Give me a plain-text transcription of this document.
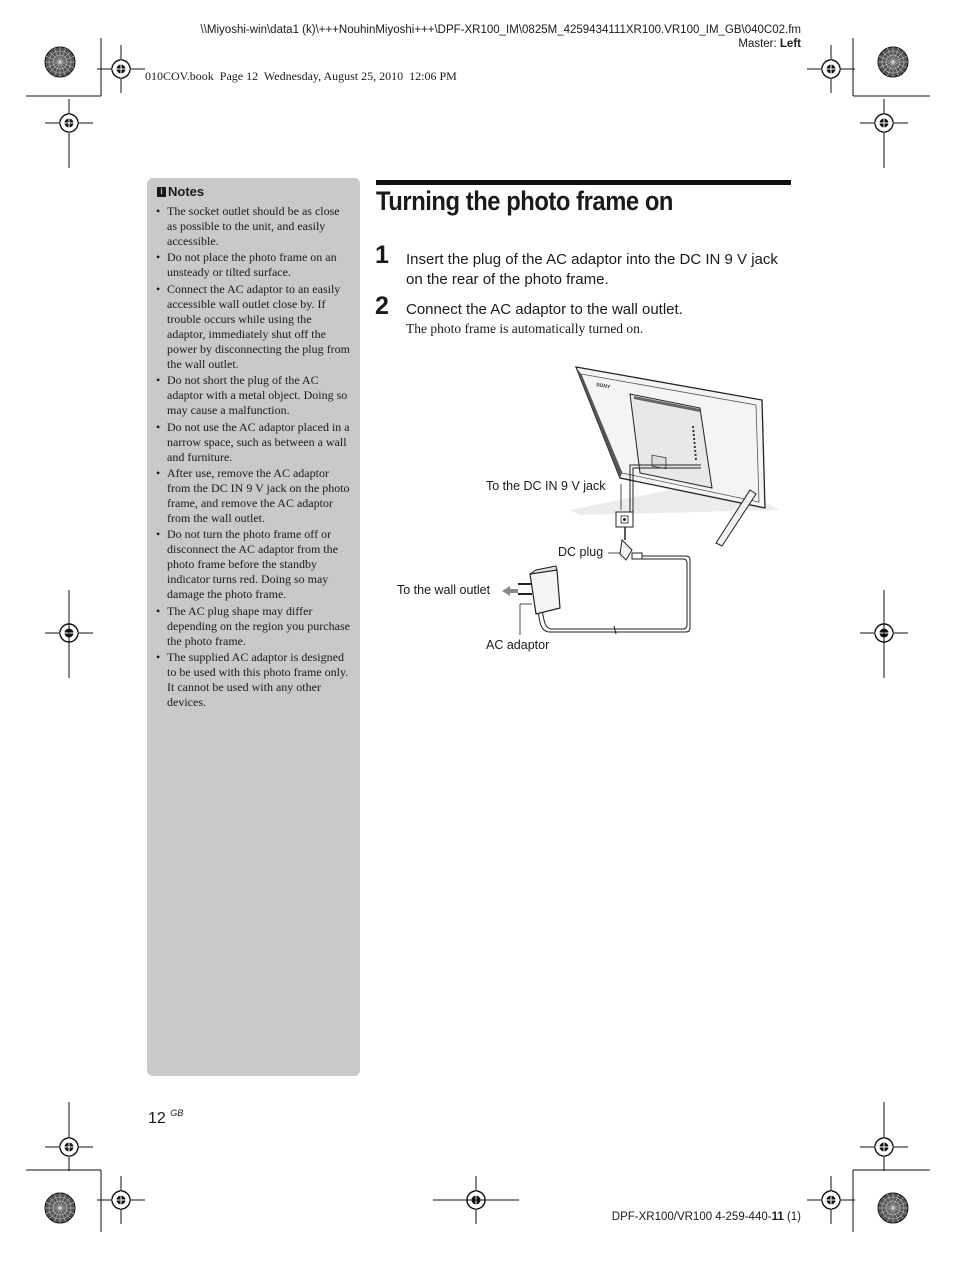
\\Miyoshi-win\data1 (k)\+++NouhinMiyoshi+++\DPF-XR100_IM\0825M_4259434111XR100.VR100_IM_GB\040C02.fm
Master: Left
010COV.book  Page 12  Wednesday, August 25, 2010  12:06 PM
i Notes
• The socket outlet should be as close as possible to the unit, and easily accessible.
• Do not place the photo frame on an unsteady or tilted surface.
• Connect the AC adaptor to an easily accessible wall outlet close by. If trouble occurs while using the adaptor, immediately shut off the power by disconnecting the plug from the wall outlet.
• Do not short the plug of the AC adaptor with a metal object. Doing so may cause a malfunction.
• Do not use the AC adaptor placed in a narrow space, such as between a wall and furniture.
• After use, remove the AC adaptor from the DC IN 9 V jack on the photo frame, and remove the AC adaptor from the wall outlet.
• Do not turn the photo frame off or disconnect the AC adaptor from the photo frame before the standby indicator turns red. Doing so may damage the photo frame.
• The AC plug shape may differ depending on the region you purchase the photo frame.
• The supplied AC adaptor is designed to be used with this photo frame only. It cannot be used with any other devices.
Turning the photo frame on
1 Insert the plug of the AC adaptor into the DC IN 9 V jack on the rear of the photo frame.
2 Connect the AC adaptor to the wall outlet.
The photo frame is automatically turned on.
SONY
To the DC IN 9 V jack
DC plug
To the wall outlet
AC adaptor
12 $^{GB}$
DPF-XR100/VR100 4-259-440-11 (1)
